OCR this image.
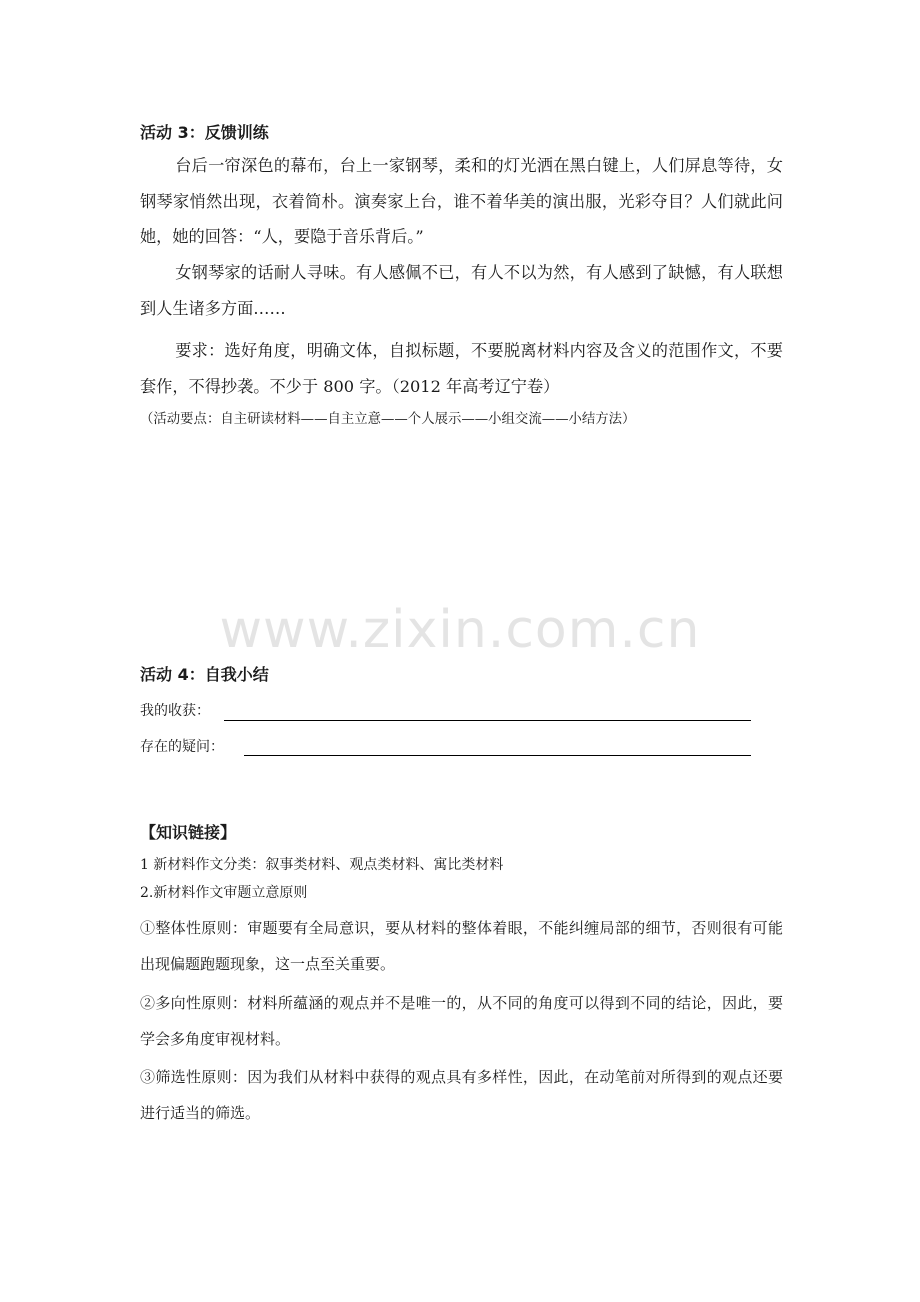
活动 3：反馈训练
台后一帘深色的幕布，台上一家钢琴，柔和的灯光洒在黑白键上，人们屏息等待，女钢琴家悄然出现，衣着简朴。演奏家上台，谁不着华美的演出服，光彩夺目？人们就此问她，她的回答：“人，要隐于音乐背后。”
女钢琴家的话耐人寻味。有人感佩不已，有人不以为然，有人感到了缺憾，有人联想到人生诸多方面……
要求：选好角度，明确文体，自拟标题，不要脱离材料内容及含义的范围作文，不要套作，不得抄袭。不少于 800 字。（2012 年高考辽宁卷）
（活动要点：自主研读材料——自主立意——个人展示——小组交流——小结方法）
www.zixin.com.cn
活动 4：自我小结
我的收获：
存在的疑问：
【知识链接】
1 新材料作文分类：叙事类材料、观点类材料、寓比类材料
2.新材料作文审题立意原则
①整体性原则：审题要有全局意识，要从材料的整体着眼，不能纠缠局部的细节，否则很有可能出现偏题跑题现象，这一点至关重要。
②多向性原则：材料所蕴涵的观点并不是唯一的，从不同的角度可以得到不同的结论，因此，要学会多角度审视材料。
③筛选性原则：因为我们从材料中获得的观点具有多样性，因此，在动笔前对所得到的观点还要进行适当的筛选。
